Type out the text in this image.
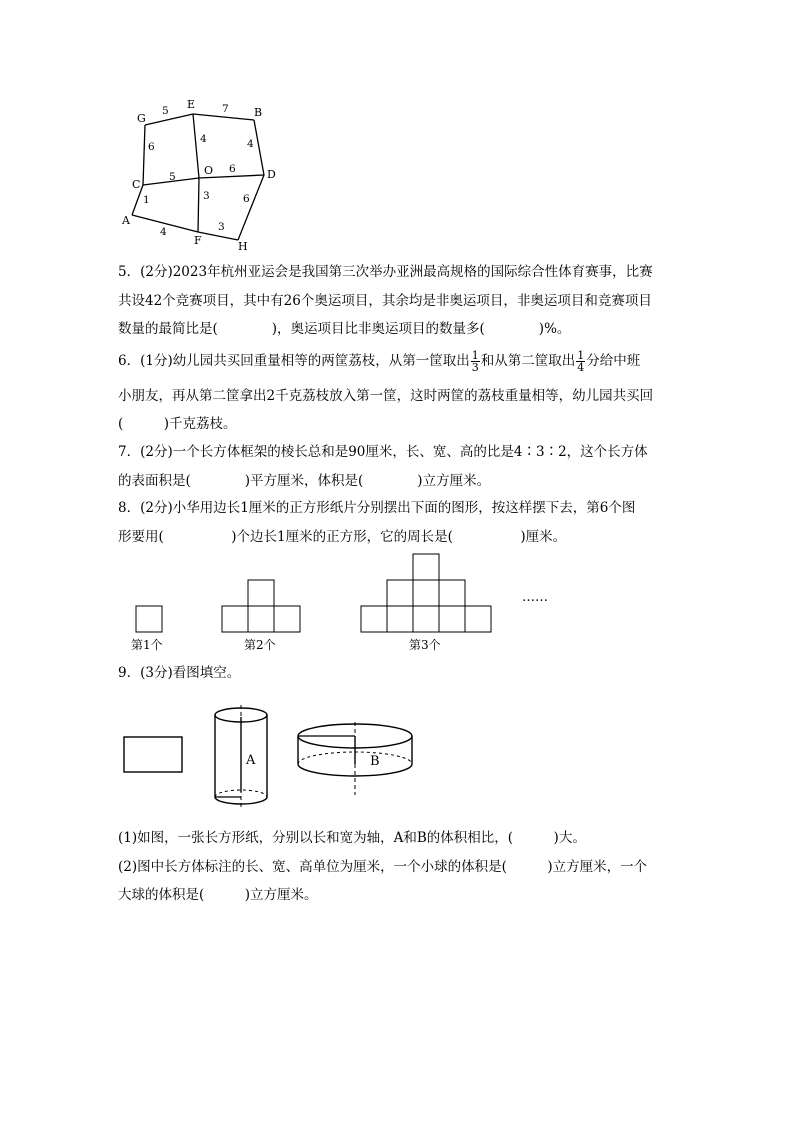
G
E
B
C
O	D
A
F	H
5	7
6
4	4
5
6
1	3	6
4	3
5．(2分)2023年杭州亚运会是我国第三次举办亚洲最高规格的国际综合性体育赛事，比赛
共设42个竞赛项目，其中有26个奥运项目，其余均是非奥运项目，非奥运项目和竞赛项目
数量的最简比是(　　　　)，奥运项目比非奥运项目的数量多(　　　　)%。
6．(1分)幼儿园共买回重量相等的两筐荔枝，从第一筐取出 $\frac{1}{3}$ 和从第二筐取出 $\frac{1}{4}$ 分给中班
小朋友，再从第二筐拿出2千克荔枝放入第一筐，这时两筐的荔枝重量相等，幼儿园共买回
(　　　)千克荔枝。
7．(2分)一个长方体框架的棱长总和是90厘米，长、宽、高的比是4∶3∶2，这个长方体
的表面积是(　　　　)平方厘米，体积是(　　　　)立方厘米。
8．(2分)小华用边长1厘米的正方形纸片分别摆出下面的图形，按这样摆下去，第6个图
形要用(　　　　　)个边长1厘米的正方形，它的周长是(　　　　　)厘米。
第1个	第2个	第3个
……
9．(3分)看图填空。
A	B
(1)如图，一张长方形纸，分别以长和宽为轴，A和B的体积相比，(　　　)大。
(2)图中长方体标注的长、宽、高单位为厘米，一个小球的体积是(　　　)立方厘米，一个
大球的体积是(　　　)立方厘米。
